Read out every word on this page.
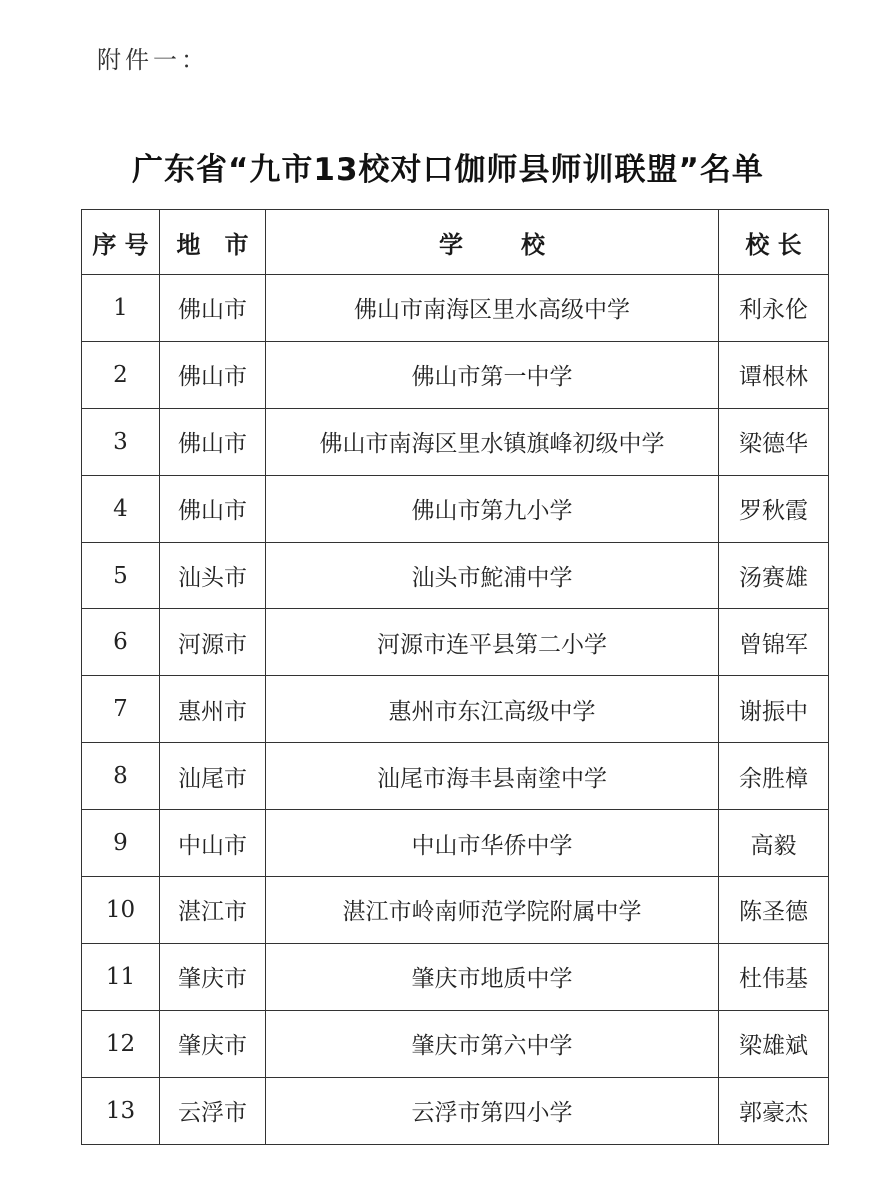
附件一：
广东省“九市13校对口伽师县师训联盟”名单
序 号	地　市	学校	校 长
1	佛山市	佛山市南海区里水高级中学	利永伦
2	佛山市	佛山市第一中学	谭根林
3	佛山市	佛山市南海区里水镇旗峰初级中学	梁德华
4	佛山市	佛山市第九小学	罗秋霞
5	汕头市	汕头市鮀浦中学	汤赛雄
6	河源市	河源市连平县第二小学	曾锦军
7	惠州市	惠州市东江高级中学	谢振中
8	汕尾市	汕尾市海丰县南塗中学	余胜樟
9	中山市	中山市华侨中学	高毅
10	湛江市	湛江市岭南师范学院附属中学	陈圣德
11	肇庆市	肇庆市地质中学	杜伟基
12	肇庆市	肇庆市第六中学	梁雄斌
13	云浮市	云浮市第四小学	郭豪杰
